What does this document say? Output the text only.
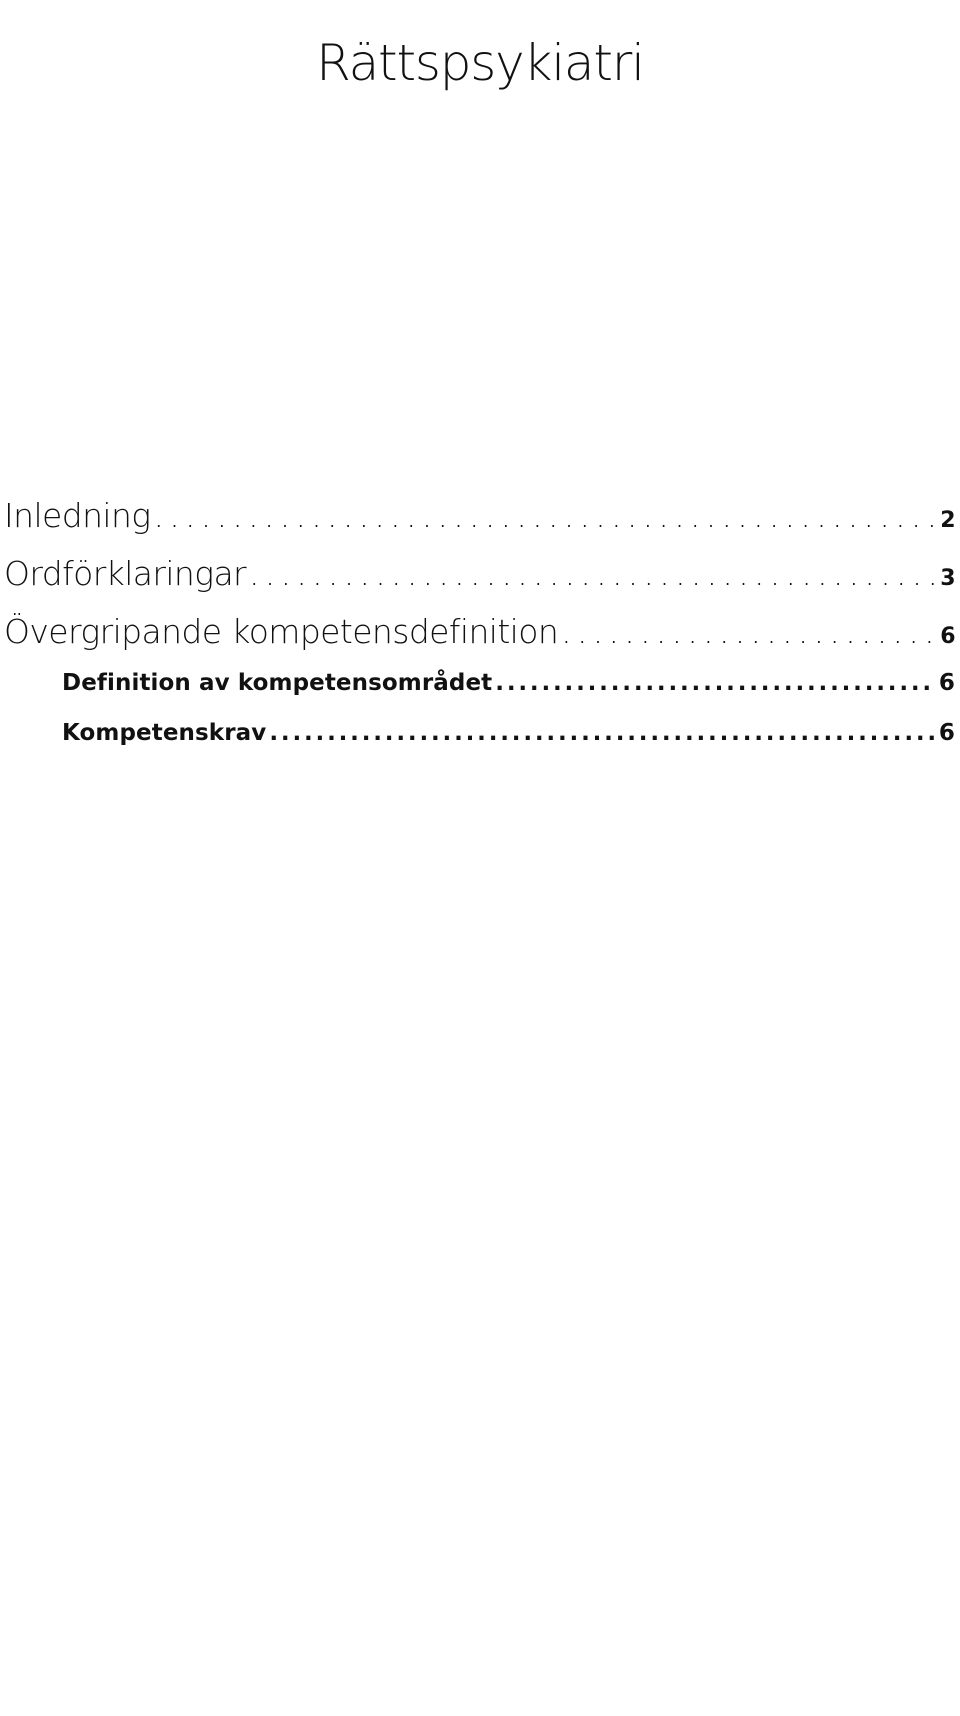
Rättspsykiatri
Inledning . . .	2
Ordförklaringar . . .	3
Övergripande kompetensdefinition . . .	6
Definition av kompetensområdet . . .	6
Kompetenskrav . . .	6
